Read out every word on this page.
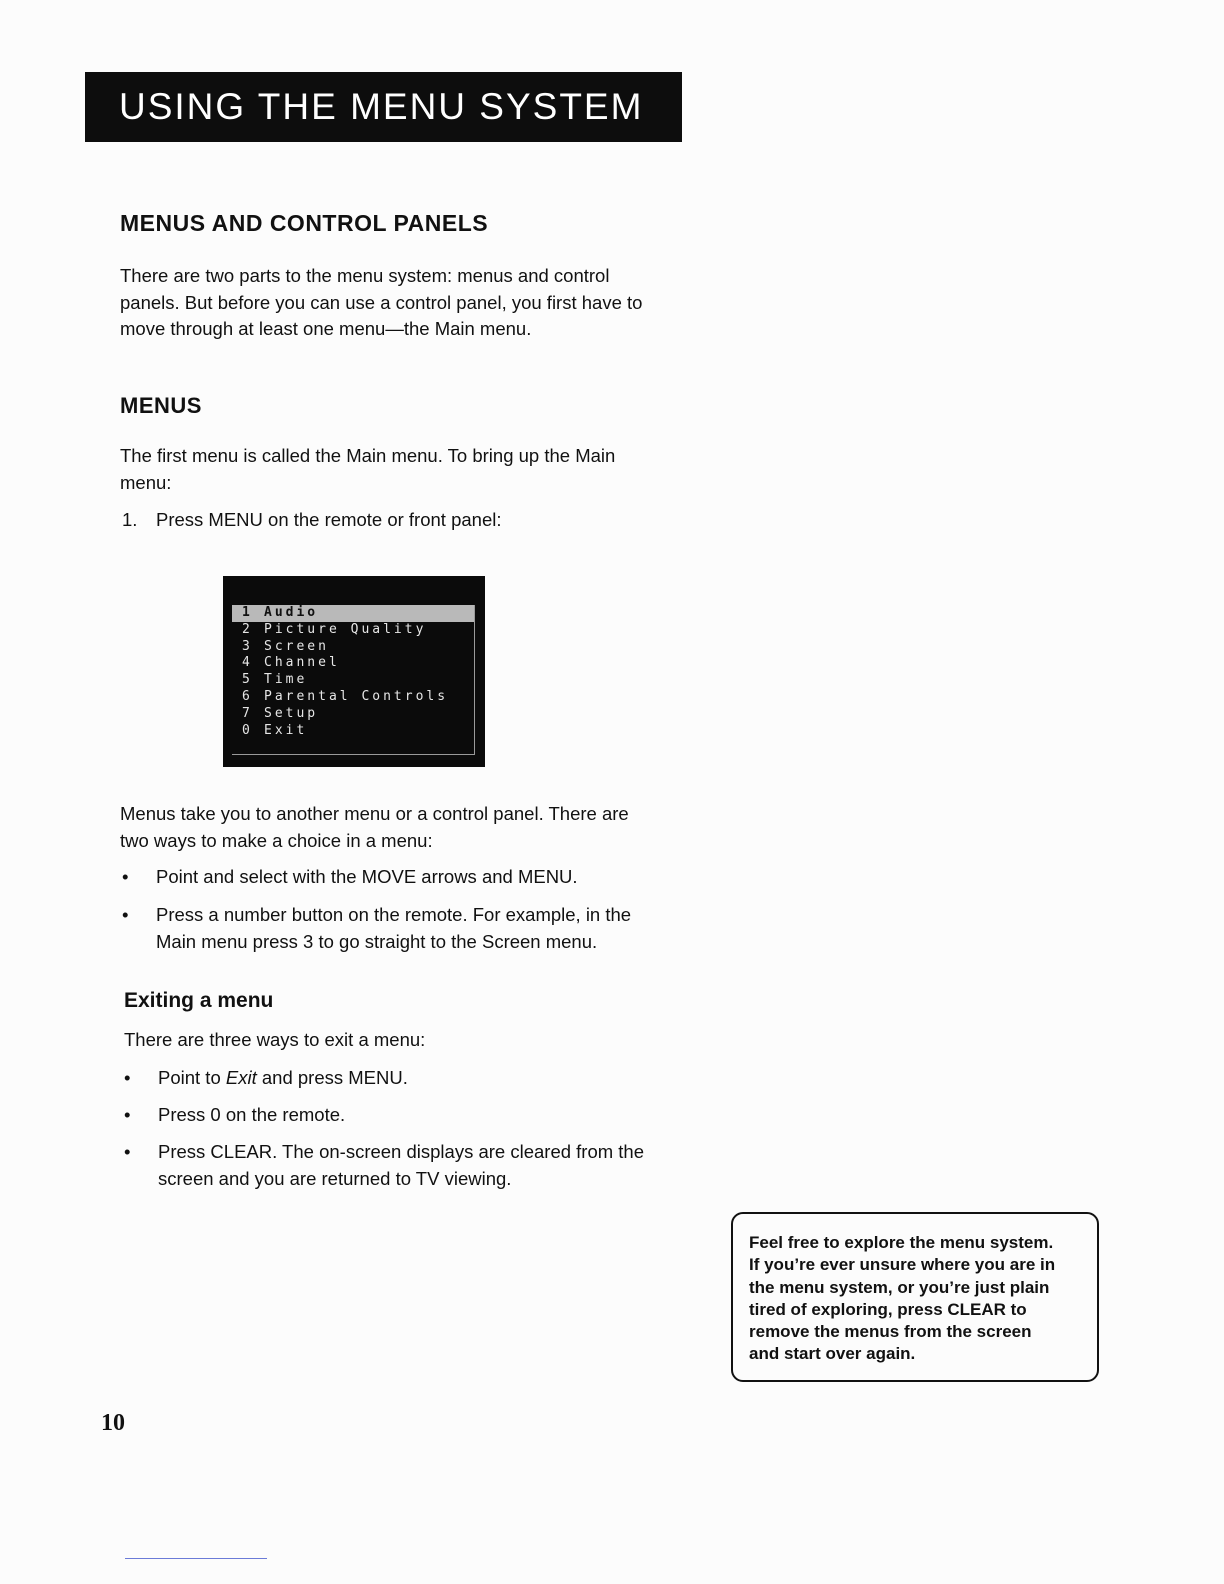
USING THE MENU SYSTEM
MENUS AND CONTROL PANELS
There are two parts to the menu system: menus and control
panels. But before you can use a control panel, you first have to
move through at least one menu—the Main menu.
MENUS
The first menu is called the Main menu. To bring up the Main
menu:
1.	Press MENU on the remote or front panel:
1 Audio
2 Picture Quality
3 Screen
4 Channel
5 Time
6 Parental Controls
7 Setup
0 Exit
Menus take you to another menu or a control panel. There are
two ways to make a choice in a menu:
•	Point and select with the MOVE arrows and MENU.
•	Press a number button on the remote. For example, in the
Main menu press 3 to go straight to the Screen menu.
Exiting a menu
There are three ways to exit a menu:
•	Point to Exit and press MENU.
•	Press 0 on the remote.
•	Press CLEAR. The on-screen displays are cleared from the
screen and you are returned to TV viewing.

Feel free to explore the menu system.

If you’re ever unsure where you are in

the menu system, or you’re just plain

tired of exploring, press CLEAR to

remove the menus from the screen

and start over again.

10
